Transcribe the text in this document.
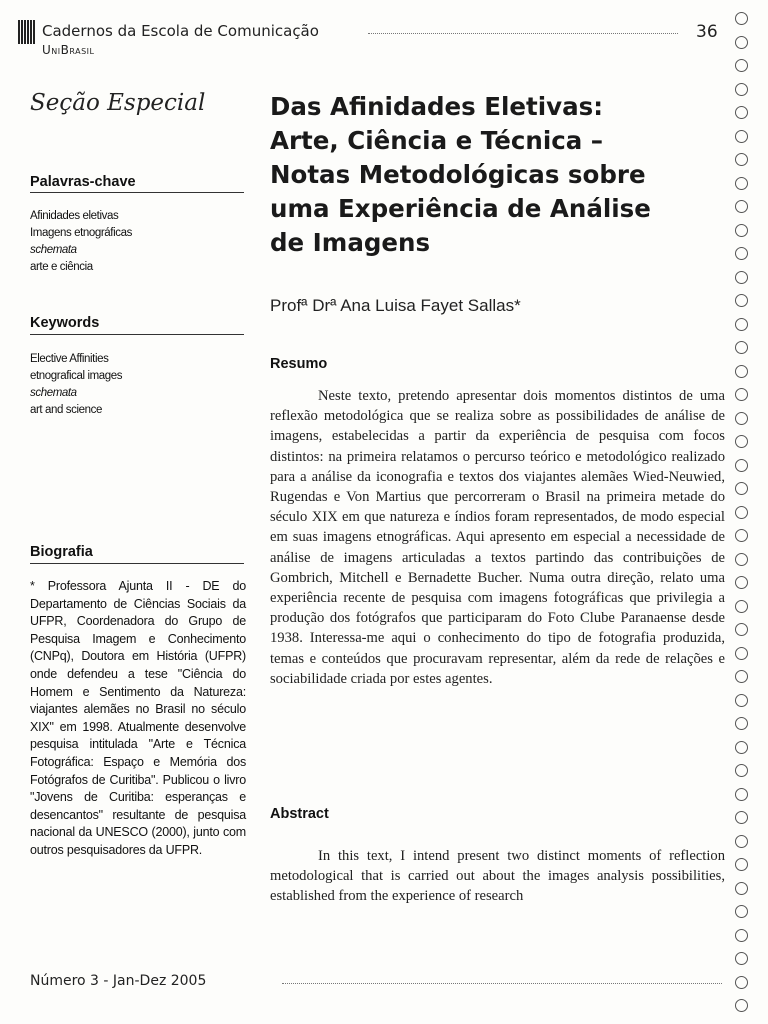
Cadernos da Escola de Comunicação
UniBrasil
36
Seção Especial
Palavras-chave
Afinidades eletivas
Imagens etnográficas
schemata
arte e ciência
Keywords
Elective Affinities
etnografical images
schemata
art and science
Biografia
* Professora Ajunta II - DE do Departamento de Ciências Sociais da UFPR, Coordenadora do Grupo de Pesquisa Imagem e Conhecimento (CNPq), Doutora em História (UFPR) onde defendeu a tese "Ciência do Homem e Sentimento da Natureza: viajantes alemães no Brasil no século XIX" em 1998. Atualmente desenvolve pesquisa intitulada "Arte e Técnica Fotográfica: Espaço e Memória dos Fotógrafos de Curitiba". Publicou o livro "Jovens de Curitiba: esperanças e desencantos" resultante de pesquisa nacional da UNESCO (2000), junto com outros pesquisadores da UFPR.
Das Afinidades Eletivas:
Arte, Ciência e Técnica –
Notas Metodológicas sobre
uma Experiência de Análise
de Imagens
Profª Drª Ana Luisa Fayet Sallas*
Resumo

Neste texto, pretendo apresentar dois momentos distintos de uma reflexão metodológica que se realiza sobre as possibilidades de análise de imagens, estabelecidas a partir da experiência de pesquisa com focos distintos: na primeira relatamos o percurso teórico e metodológico realizado para a análise da iconografia e textos dos viajantes alemães Wied-Neuwied, Rugendas e Von Martius que percorreram o Brasil na primeira metade do século XIX em que natureza e índios foram representados, de modo especial em suas imagens etnográficas. Aqui apresento em especial a necessidade de análise de imagens articuladas a textos partindo das contribuições de Gombrich, Mitchell e Bernadette Bucher. Numa outra direção, relato uma experiência recente de pesquisa com imagens fotográficas que privilegia a produção dos fotógrafos que participaram do Foto Clube Paranaense desde 1938. Interessa-me aqui o conhecimento do tipo de fotografia produzida, temas e conteúdos que procuravam representar, além da rede de relações e sociabilidade criada por estes agentes.

Abstract

In this text, I intend present two distinct moments of reflection metodological that is carried out about the images analysis possibilities, established from the experience of research

Número 3 - Jan-Dez 2005
